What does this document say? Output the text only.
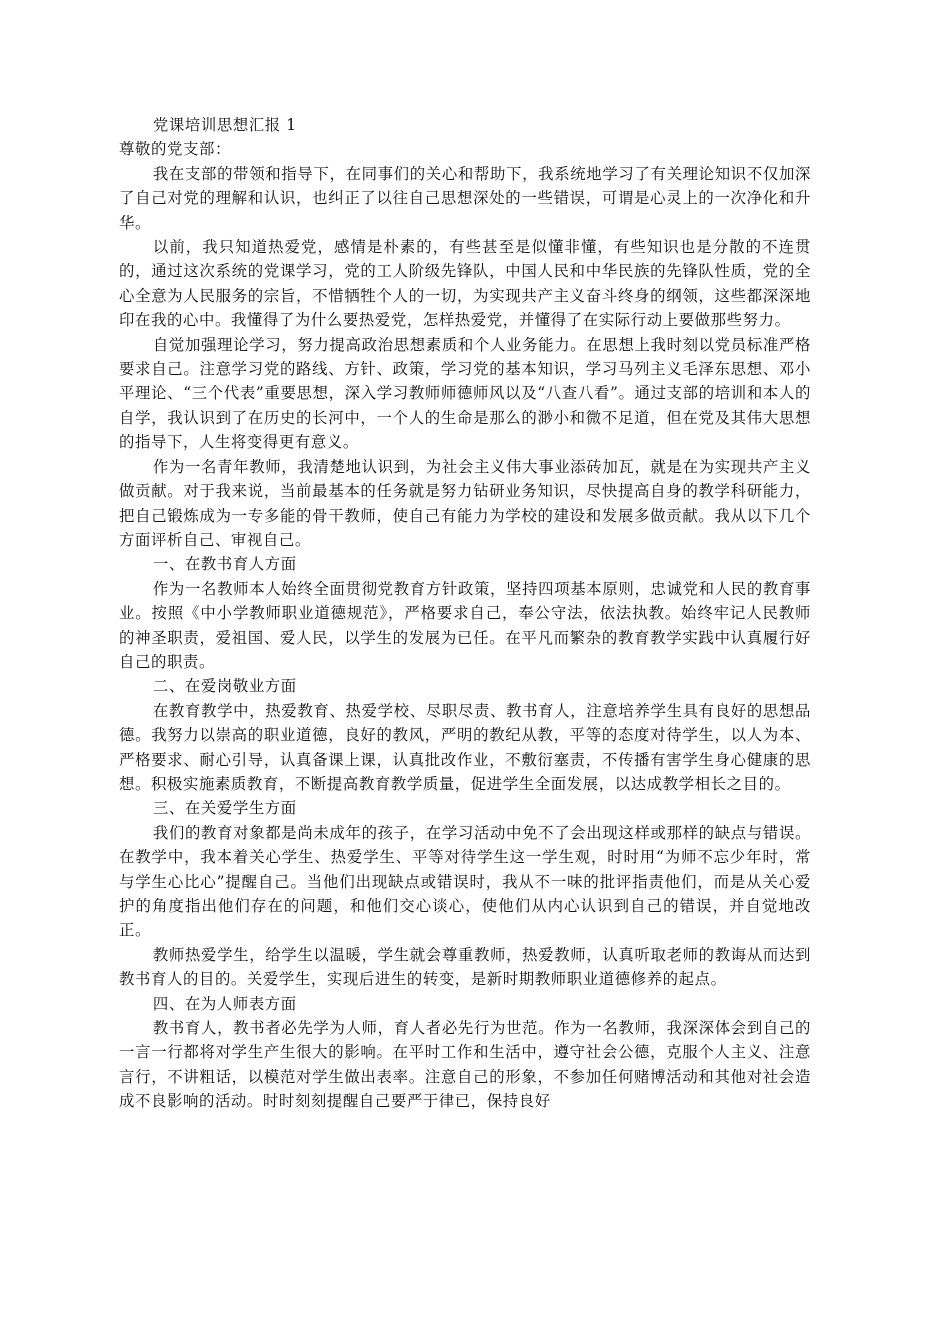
党课培训思想汇报 1

尊敬的党支部：

我在支部的带领和指导下，在同事们的关心和帮助下，我系统地学习了有关理论知识不仅加深了自己对党的理解和认识，也纠正了以往自己思想深处的一些错误，可谓是心灵上的一次净化和升华。

以前，我只知道热爱党，感情是朴素的，有些甚至是似懂非懂，有些知识也是分散的不连贯的，通过这次系统的党课学习，党的工人阶级先锋队，中国人民和中华民族的先锋队性质，党的全心全意为人民服务的宗旨，不惜牺牲个人的一切，为实现共产主义奋斗终身的纲领，这些都深深地印在我的心中。我懂得了为什么要热爱党，怎样热爱党，并懂得了在实际行动上要做那些努力。

自觉加强理论学习，努力提高政治思想素质和个人业务能力。在思想上我时刻以党员标准严格要求自己。注意学习党的路线、方针、政策，学习党的基本知识，学习马列主义毛泽东思想、邓小平理论、“三个代表”重要思想，深入学习教师师德师风以及“八查八看”。通过支部的培训和本人的自学，我认识到了在历史的长河中，一个人的生命是那么的渺小和微不足道，但在党及其伟大思想的指导下，人生将变得更有意义。

作为一名青年教师，我清楚地认识到，为社会主义伟大事业添砖加瓦，就是在为实现共产主义做贡献。对于我来说，当前最基本的任务就是努力钻研业务知识，尽快提高自身的教学科研能力，把自己锻炼成为一专多能的骨干教师，使自己有能力为学校的建设和发展多做贡献。我从以下几个方面评析自己、审视自己。

一、在教书育人方面

作为一名教师本人始终全面贯彻党教育方针政策，坚持四项基本原则，忠诚党和人民的教育事业。按照《中小学教师职业道德规范》，严格要求自己，奉公守法，依法执教。始终牢记人民教师的神圣职责，爱祖国、爱人民，以学生的发展为已任。在平凡而繁杂的教育教学实践中认真履行好自己的职责。

二、在爱岗敬业方面

在教育教学中，热爱教育、热爱学校、尽职尽责、教书育人，注意培养学生具有良好的思想品德。我努力以崇高的职业道德，良好的教风，严明的教纪从教，平等的态度对待学生，以人为本、严格要求、耐心引导，认真备课上课，认真批改作业，不敷衍塞责，不传播有害学生身心健康的思想。积极实施素质教育，不断提高教育教学质量，促进学生全面发展，以达成教学相长之目的。

三、在关爱学生方面

我们的教育对象都是尚未成年的孩子，在学习活动中免不了会出现这样或那样的缺点与错误。在教学中，我本着关心学生、热爱学生、平等对待学生这一学生观，时时用“为师不忘少年时，常与学生心比心”提醒自己。当他们出现缺点或错误时，我从不一味的批评指责他们，而是从关心爱护的角度指出他们存在的问题，和他们交心谈心，使他们从内心认识到自己的错误，并自觉地改正。

教师热爱学生，给学生以温暖，学生就会尊重教师，热爱教师，认真听取老师的教诲从而达到教书育人的目的。关爱学生，实现后进生的转变，是新时期教师职业道德修养的起点。

四、在为人师表方面

教书育人，教书者必先学为人师，育人者必先行为世范。作为一名教师，我深深体会到自己的一言一行都将对学生产生很大的影响。在平时工作和生活中，遵守社会公德，克服个人主义、注意言行，不讲粗话，以模范对学生做出表率。注意自己的形象，不参加任何赌博活动和其他对社会造成不良影响的活动。时时刻刻提醒自己要严于律已，保持良好
